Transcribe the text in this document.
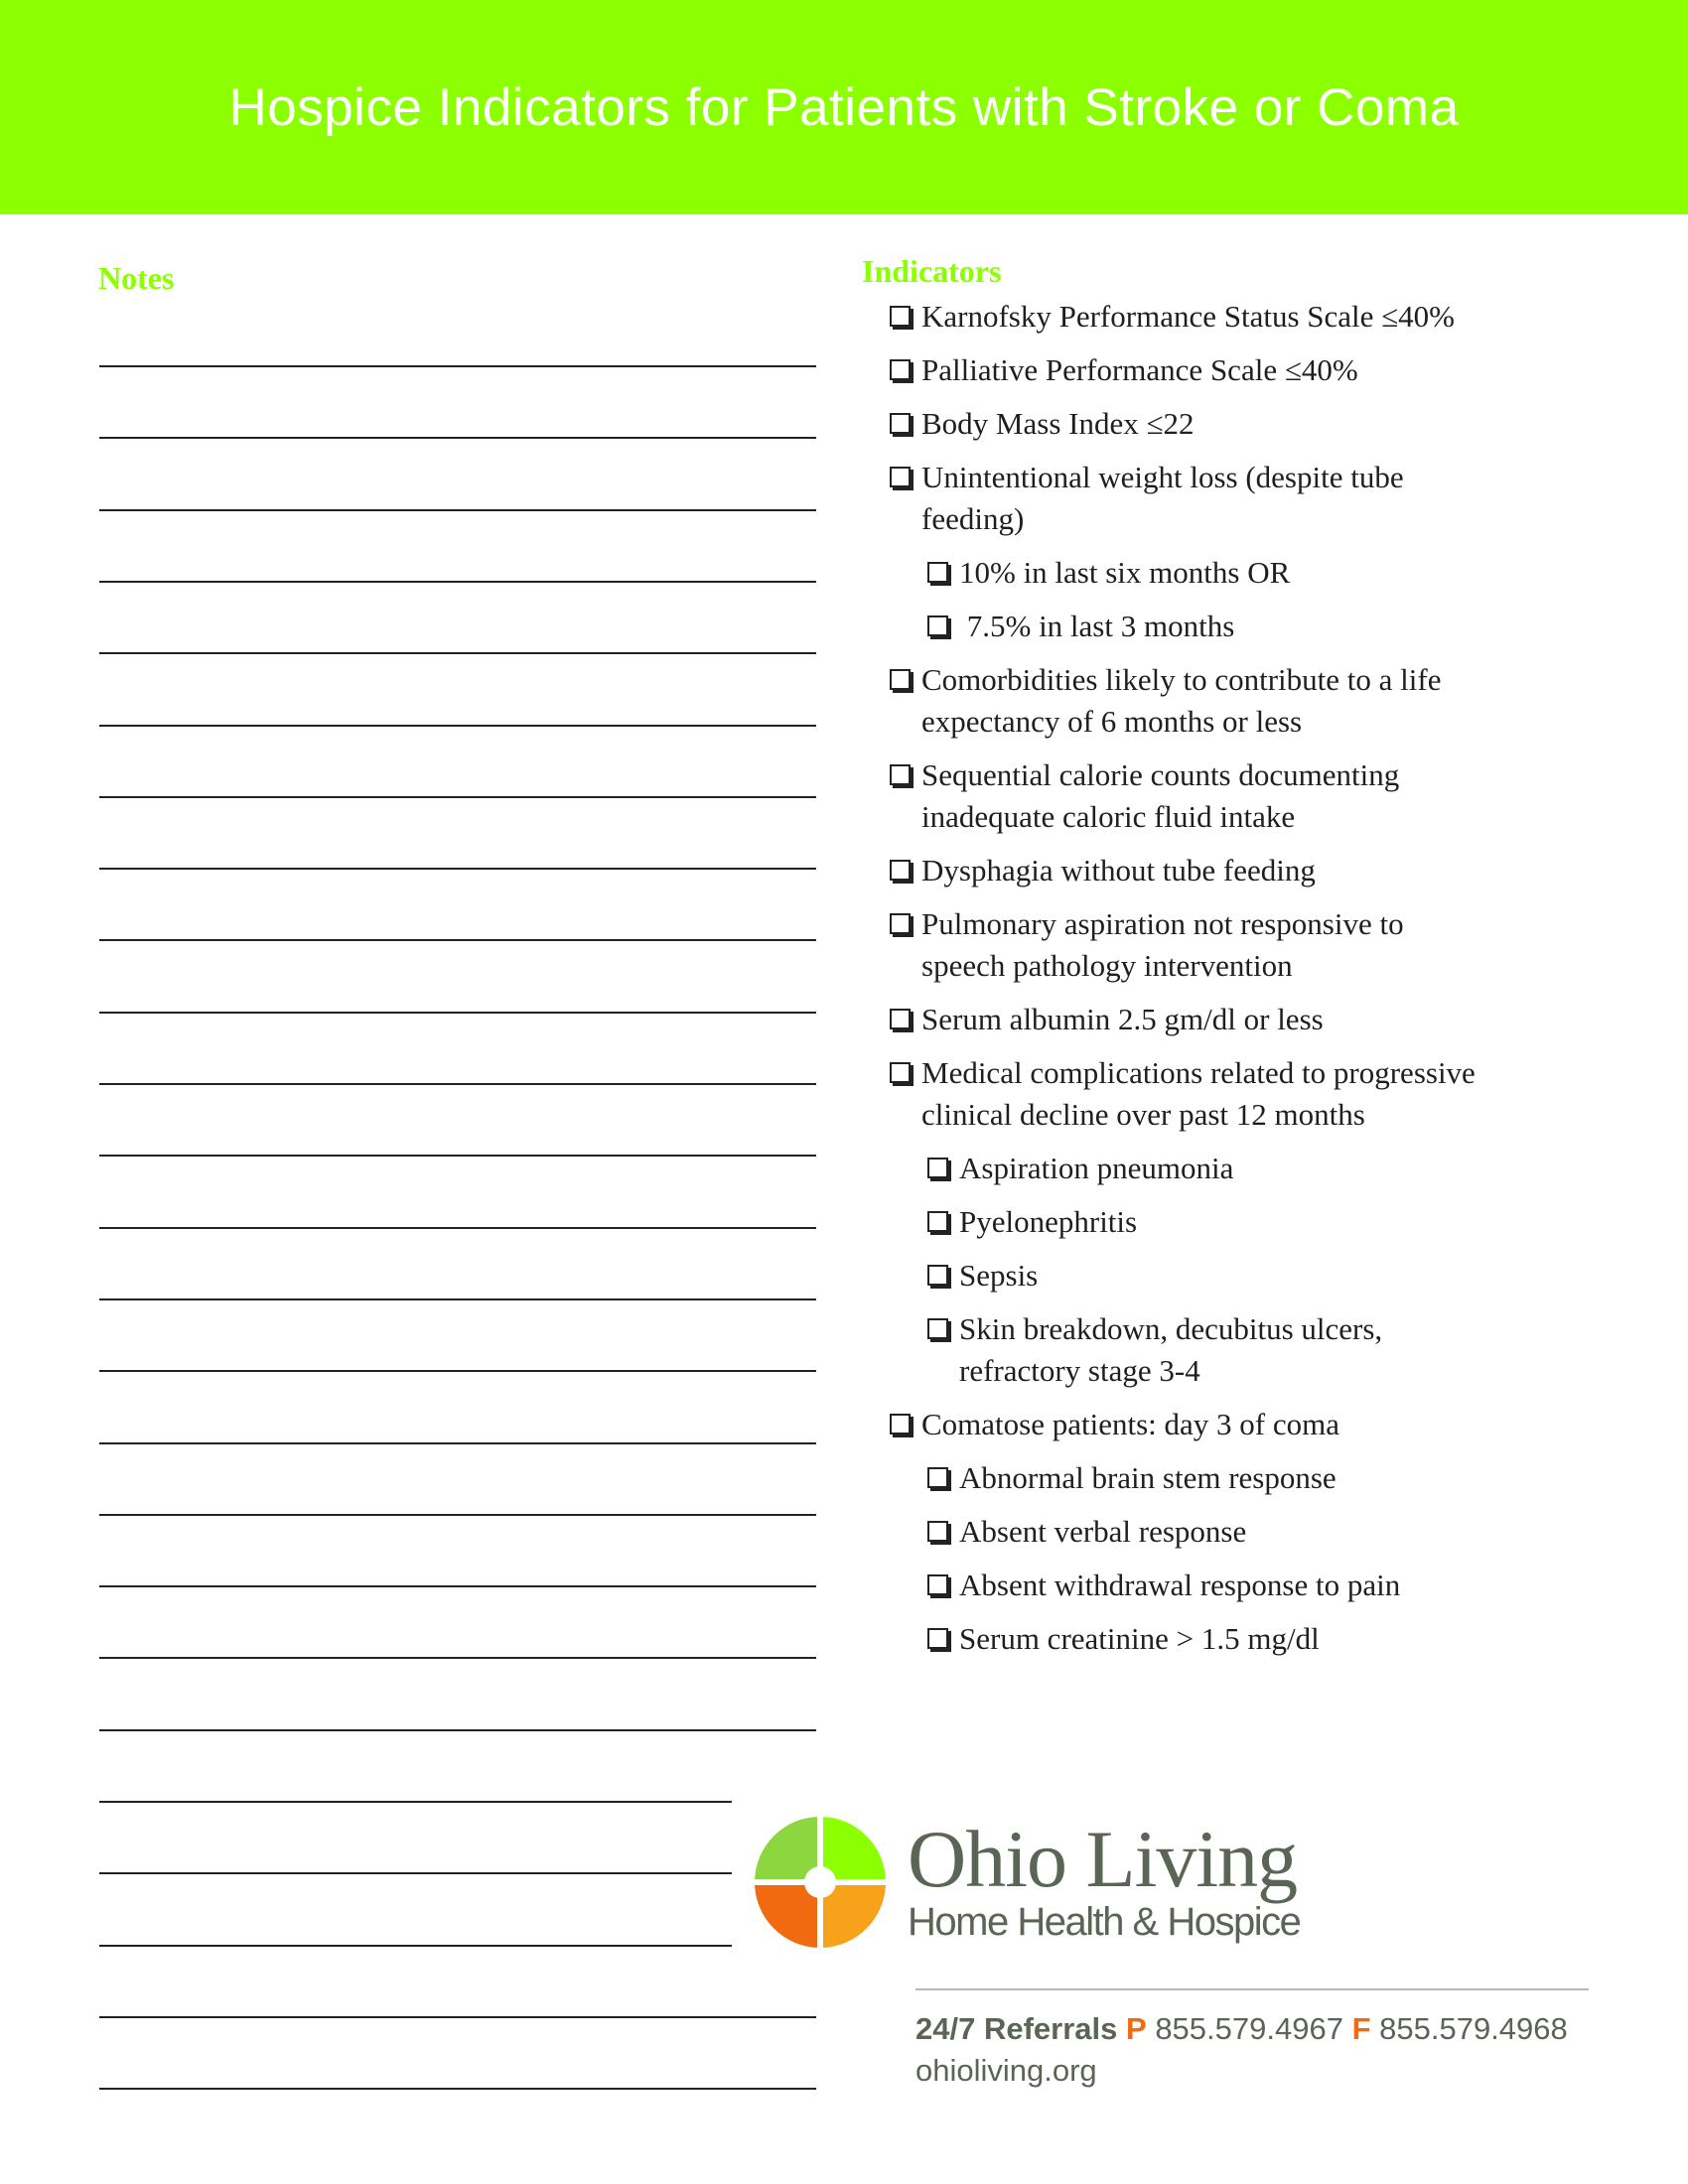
Hospice Indicators for Patients with Stroke or Coma
Notes	Indicators
Karnofsky Performance Status Scale ≤40%
Palliative Performance Scale ≤40%
Body Mass Index ≤22
Unintentional weight loss (despite tube
feeding)
10% in last six months OR
7.5% in last 3 months
Comorbidities likely to contribute to a life
expectancy of 6 months or less
Sequential calorie counts documenting
inadequate caloric fluid intake
Dysphagia without tube feeding
Pulmonary aspiration not responsive to
speech pathology intervention
Serum albumin 2.5 gm/dl or less
Medical complications related to progressive
clinical decline over past 12 months
Aspiration pneumonia
Pyelonephritis
Sepsis
Skin breakdown, decubitus ulcers,
refractory stage 3-4
Comatose patients: day 3 of coma
Abnormal brain stem response
Absent verbal response
Absent withdrawal response to pain
Serum creatinine > 1.5 mg/dl
Ohio Living
Home Health & Hospice
24/7 Referrals P 855.579.4967 F 855.579.4968
ohioliving.org
